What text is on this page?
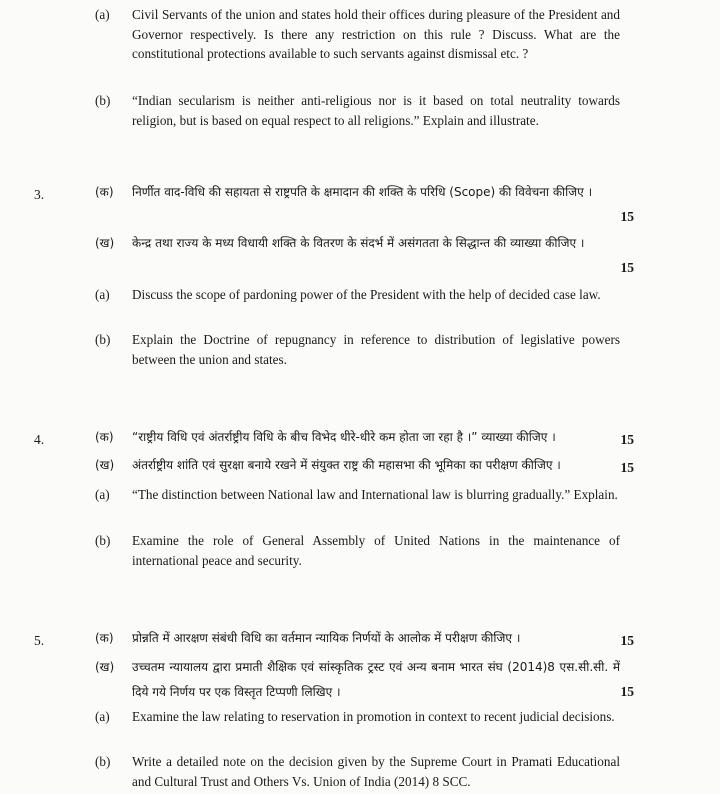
(a) Civil Servants of the union and states hold their offices during pleasure of the President and Governor respectively. Is there any restriction on this rule ? Discuss. What are the constitutional protections available to such servants against dismissal etc. ?
(b) “Indian secularism is neither anti-religious nor is it based on total neutrality towards religion, but is based on equal respect to all religions.” Explain and illustrate.
3.	(क) निर्णीत वाद-विधि की सहायता से राष्ट्रपति के क्षमादान की शक्ति के परिधि (Scope) की विवेचना कीजिए ।
15
(ख) केन्द्र तथा राज्य के मध्य विधायी शक्ति के वितरण के संदर्भ में असंगतता के सिद्धान्त की व्याख्या कीजिए ।
15
(a) Discuss the scope of pardoning power of the President with the help of decided case law.
(b) Explain the Doctrine of repugnancy in reference to distribution of legislative powers between the union and states.
4.	(क) “राष्ट्रीय विधि एवं अंतर्राष्ट्रीय विधि के बीच विभेद धीरे-धीरे कम होता जा रहा है ।” व्याख्या कीजिए ।	15
(ख) अंतर्राष्ट्रीय शांति एवं सुरक्षा बनाये रखने में संयुक्त राष्ट्र की महासभा की भूमिका का परीक्षण कीजिए ।	15
(a) “The distinction between National law and International law is blurring gradually.” Explain.
(b) Examine the role of General Assembly of United Nations in the maintenance of international peace and security.
5.	(क) प्रोन्नति में आरक्षण संबंधी विधि का वर्तमान न्यायिक निर्णयों के आलोक में परीक्षण कीजिए ।	15
(ख) उच्चतम न्यायालय द्वारा प्रमाती शैक्षिक एवं सांस्कृतिक ट्रस्ट एवं अन्य बनाम भारत संघ (2014)8 एस.सी.सी. में दिये गये निर्णय पर एक विस्तृत टिप्पणी लिखिए ।	15
(a) Examine the law relating to reservation in promotion in context to recent judicial decisions.
(b) Write a detailed note on the decision given by the Supreme Court in Pramati Educational and Cultural Trust and Others Vs. Union of India (2014) 8 SCC.
